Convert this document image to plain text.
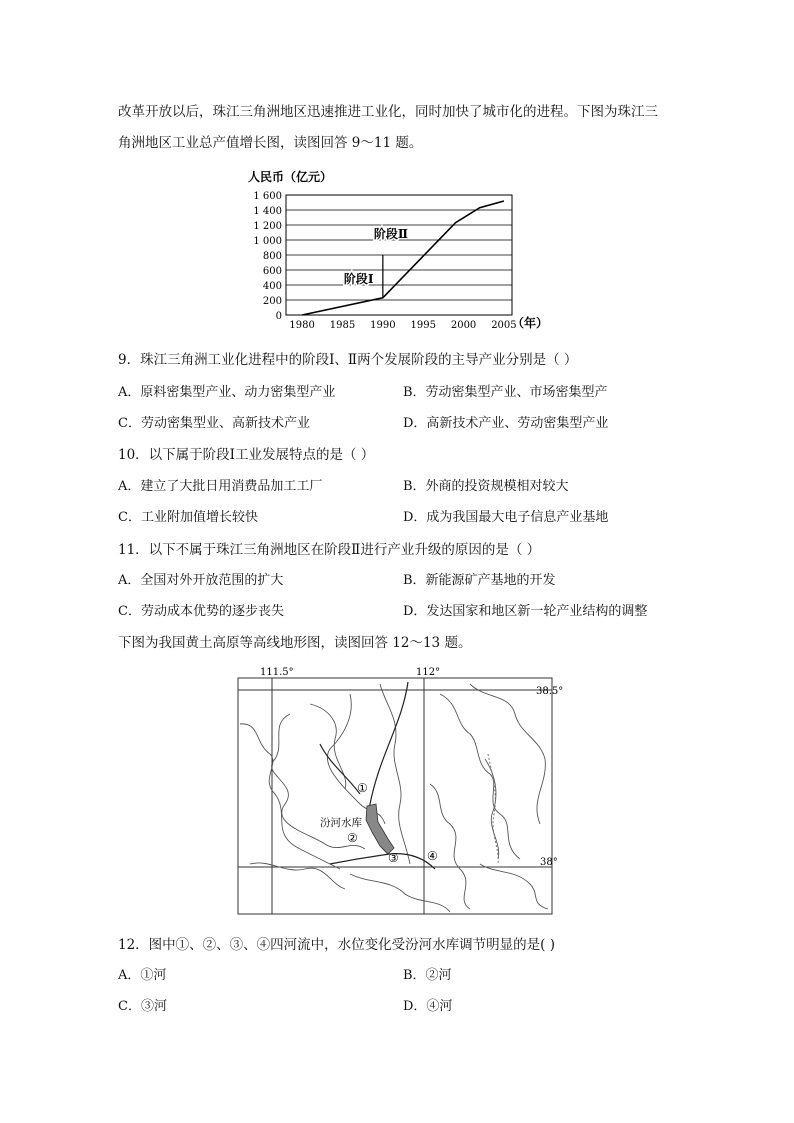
改革开放以后，珠江三角洲地区迅速推进工业化，同时加快了城市化的进程。下图为珠江三
角洲地区工业总产值增长图，读图回答 9～11 题。
0
200
400
600
800
1 000
1 200
1 400
1 600
1980 1985 1990 1995 2000 2005
阶段Ⅰ
阶段Ⅱ
人民币（亿元）
（年）
9．珠江三角洲工业化进程中的阶段Ⅰ、Ⅱ两个发展阶段的主导产业分别是（ ）
A．原料密集型产业、动力密集型产业	B．劳动密集型产业、市场密集型产
C．劳动密集型业、高新技术产业	D．高新技术产业、劳动密集型产业
10．以下属于阶段Ⅰ工业发展特点的是（ ）
A．建立了大批日用消费品加工工厂	B．外商的投资规模相对较大
C．工业附加值增长较快	D．成为我国最大电子信息产业基地
11．以下不属于珠江三角洲地区在阶段Ⅱ进行产业升级的原因的是（ ）
A．全国对外开放范围的扩大	B．新能源矿产基地的开发
C．劳动成本优势的逐步丧失	D．发达国家和地区新一轮产业结构的调整
下图为我国黄土高原等高线地形图，读图回答 12～13 题。
111.5°	112°
38.5°
38°
汾河水库
①
②
③ ④
12．图中①、②、③、④四河流中，水位变化受汾河水库调节明显的是( )
A．①河	B．②河
C．③河	D．④河
